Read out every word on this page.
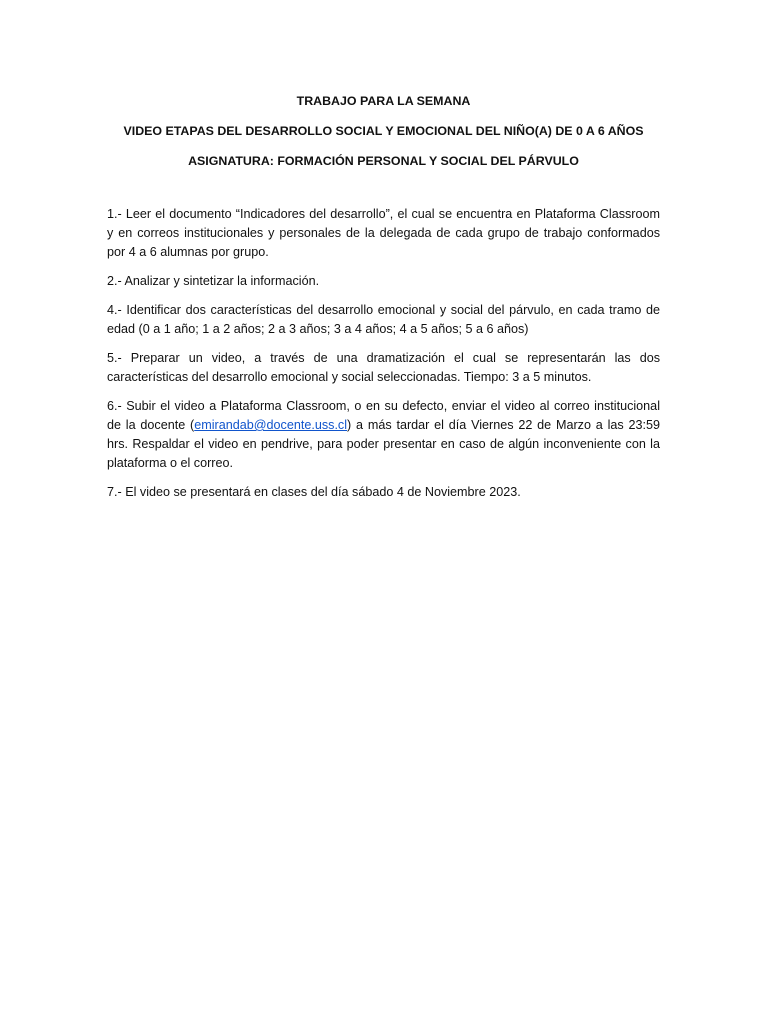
TRABAJO PARA LA SEMANA

VIDEO ETAPAS DEL DESARROLLO SOCIAL Y EMOCIONAL DEL NIÑO(A) DE 0 A 6 AÑOS

ASIGNATURA: FORMACIÓN PERSONAL Y SOCIAL DEL PÁRVULO

1.- Leer el documento “Indicadores del desarrollo”, el cual se encuentra en Plataforma Classroom y en correos institucionales y personales de la delegada de cada grupo de trabajo conformados por 4 a 6 alumnas por grupo.

2.- Analizar y sintetizar la información.

4.- Identificar dos características del desarrollo emocional y social del párvulo, en cada tramo de edad (0 a 1 año; 1 a 2 años; 2 a 3 años; 3 a 4 años; 4 a 5 años; 5 a 6 años)

5.- Preparar un video, a través de una dramatización el cual se representarán las dos características del desarrollo emocional y social seleccionadas. Tiempo: 3 a 5 minutos.

6.- Subir el video a Plataforma Classroom, o en su defecto, enviar el video al correo institucional de la docente (emirandab@docente.uss.cl) a más tardar el día Viernes 22 de Marzo a las 23:59 hrs. Respaldar el video en pendrive, para poder presentar en caso de algún inconveniente con la plataforma o el correo.

7.- El video se presentará en clases del día sábado 4 de Noviembre 2023.
